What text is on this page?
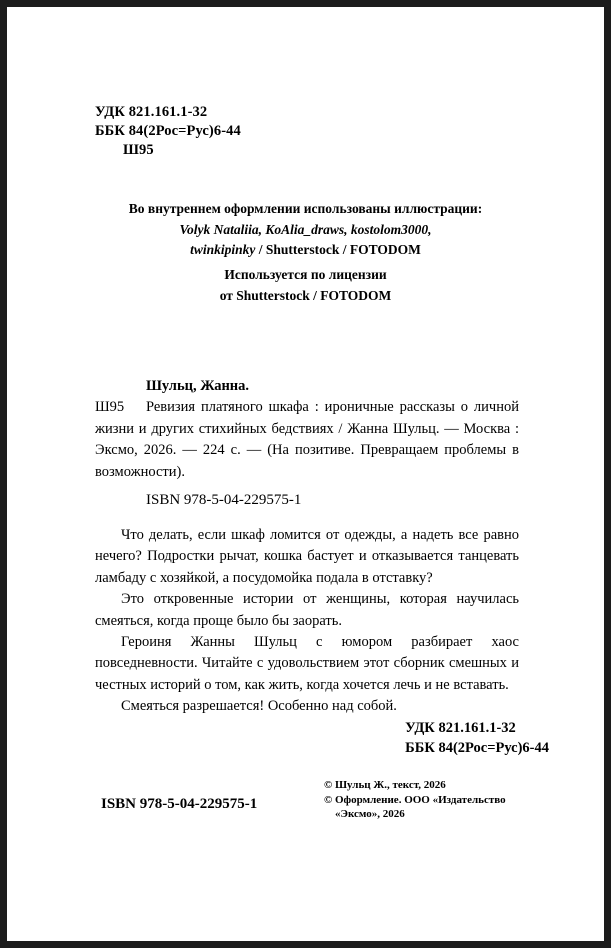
УДК 821.161.1-32
ББК 84(2Рос=Рус)6-44
Ш95
Во внутреннем оформлении использованы иллюстрации:
Volyk Nataliia, KoAlia_draws, kostolom3000,
twinkipinky / Shutterstock / FOTODOM
Используется по лицензии
от Shutterstock / FOTODOM
Шульц, Жанна.
Ш95	Ревизия платяного шкафа : ироничные рассказы о личной жизни и других стихийных бедствиях / Жанна Шульц. — Москва : Эксмо, 2026. — 224 с. — (На позитиве. Превращаем проблемы в возможности).

ISBN 978-5-04-229575-1

Что делать, если шкаф ломится от одежды, а надеть все равно нечего? Подростки рычат, кошка бастует и отказывается танцевать ламбаду с хозяйкой, а посудомойка подала в отставку?

Это откровенные истории от женщины, которая научилась смеяться, когда проще было бы заорать.

Героиня Жанны Шульц с юмором разбирает хаос повседневности. Читайте с удовольствием этот сборник смешных и честных историй о том, как жить, когда хочется лечь и не вставать.

Смеяться разрешается! Особенно над собой.

УДК 821.161.1-32
ББК 84(2Рос=Рус)6-44
© Шульц Ж., текст, 2026
© Оформление. ООО «Издательство
«Эксмо», 2026
ISBN 978-5-04-229575-1
